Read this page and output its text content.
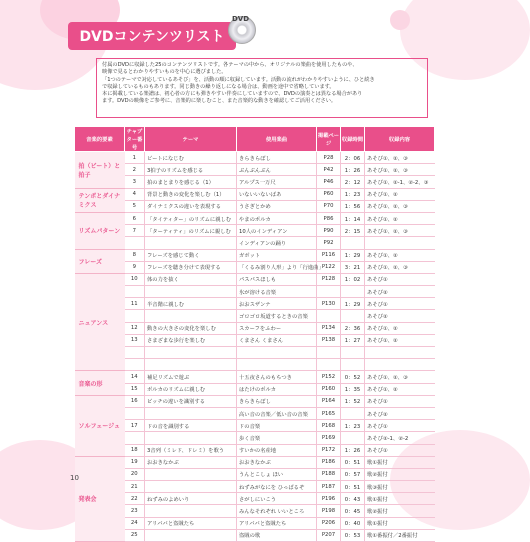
DVDコンテンツリスト
DVD
付属のDVDに収録した25のコンテンツリストです。各テーマの中から、オリジナルの楽曲を使用したものや、
映像で見るとわかりやすいものを中心に選びました。
「1つのテーマで対応しているあそび」を、活動の順に収録しています。活動の流れがわかりやすいように、ひと続き
で収録しているものもあります。同じ動きの繰り返しになる場合は、動画を途中で省略しています。
本に掲載している楽譜は、初心者の方にも弾きやすい伴奏にしていますので、DVDの演奏とは異なる場合があり
ます。DVDの映像をご参考に、音楽的に楽しむこと、また音楽的な動きを確認してご活用ください。
音楽的要素	チャプター番号	テーマ	使用楽曲	掲載ページ	収録時間	収録内容
拍（ビート）と拍子	1	ビートになじむ	きらきらぼし	P28	2：06	あそび①、②、③
	2	3拍子のリズムを感じる	ぶんぶんぶん	P42	1：26	あそび①、②、③
	3	拍のまとまりを感じる（1）	アルプス一万尺	P46	2：12	あそび①、②-1、②-2、③
テンポとダイナミクス	4	背景と動きの変化を楽しむ（1）	いないいないばあ	P60	1：23	あそび①、②
	5	ダイナミクスの違いを表現する	うさぎとかめ	P70	1：56	あそび①、②、③
リズムパターン	6	「タイティター」のリズムに親しむ	やまのポルカ	P86	1：14	あそび①、②
	7	「ターティティ」のリズムに親しむ	10人のインディアン	P90	2：15	あそび①、②、③
			インディアンの踊り	P92		
フレーズ	8	フレーズを感じて動く	ガボット	P116	1：29	あそび①、②
	9	フレーズを聴き分けて表現する	「くるみ割り人形」より「行進曲」	P122	3：21	あそび①、②、③
ニュアンス	10	体の力を抜く	パスパスほしも	P128	1：02	あそび①
			氷が溶ける音楽			あそび②
	11	半音階に親しむ	おおスザンナ	P130	1：29	あそび①
			ゴロゴロ坂道するときの音楽			あそび②
	12	動きの大きさの変化を楽しむ	スカーフをふわー	P134	2：36	あそび①、②
	13	さまざまな歩行を楽しむ	くまさん くまさん	P138	1：27	あそび①、②

音楽の形	14	補足リズムで遊ぶ	十五夜さんのもちつき	P152	0：52	あそび①、②、③
	15	ボルカのリズムに親しむ	はたけのポルカ	P160	1：35	あそび①、②
ソルフェージュ	16	ピッチの違いを識別する	きらきらぼし	P164	1：52	あそび①
			高い音の音楽／低い音の音楽	P165		あそび②
	17	ドの音を識別する	ドの音楽	P168	1：23	あそび①
			歩く音楽	P169		あそび②-1、②-2
	18	3音列（ミレド、ドレミ）を歌う	すいかの名産地	P172	1：26	あそび①
発表会	19	おおきなかぶ	おおきなかぶ	P186	0：51	歌①振付
	20		うんとこしょ ほい	P188	0：57	歌②振付
	21		ねずみがなにを ひっぱるぞ	P187	0：51	歌③振付
	22	ねずみのよめいり	さがしにいこう	P196	0：43	歌①振付
	23		みんなそれぞれ いいところ	P198	0：45	歌②振付
	24	アリババと盗賊たち	アリババと盗賊たち	P206	0：40	歌①振付
	25		盗賊の歌	P207	0：53	歌①番振付／2番振付
10
